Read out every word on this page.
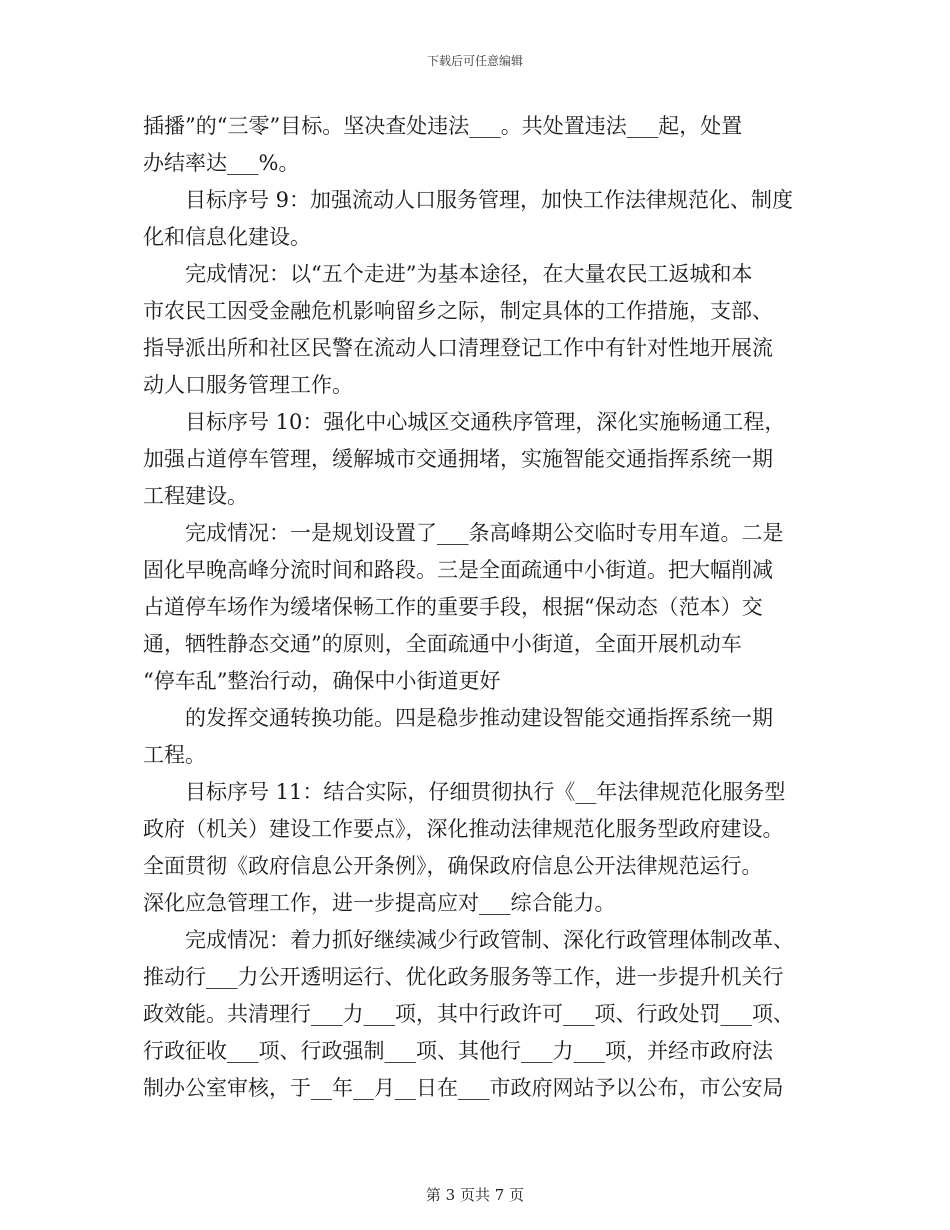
下载后可任意编辑
插播”的“三零”目标。坚决查处违法___。共处置违法___起，处置
办结率达___%。
目标序号 9：加强流动人口服务管理，加快工作法律规范化、制度
化和信息化建设。
完成情况：以“五个走进”为基本途径，在大量农民工返城和本
市农民工因受金融危机影响留乡之际，制定具体的工作措施，支部、
指导派出所和社区民警在流动人口清理登记工作中有针对性地开展流
动人口服务管理工作。
目标序号 10：强化中心城区交通秩序管理，深化实施畅通工程，
加强占道停车管理，缓解城市交通拥堵，实施智能交通指挥系统一期
工程建设。
完成情况：一是规划设置了___条高峰期公交临时专用车道。二是
固化早晚高峰分流时间和路段。三是全面疏通中小街道。把大幅削减
占道停车场作为缓堵保畅工作的重要手段，根据“保动态（范本）交
通，牺牲静态交通”的原则，全面疏通中小街道，全面开展机动车
“停车乱”整治行动，确保中小街道更好
的发挥交通转换功能。四是稳步推动建设智能交通指挥系统一期
工程。
目标序号 11：结合实际，仔细贯彻执行《__年法律规范化服务型
政府（机关）建设工作要点》，深化推动法律规范化服务型政府建设。
全面贯彻《政府信息公开条例》，确保政府信息公开法律规范运行。
深化应急管理工作，进一步提高应对___综合能力。
完成情况：着力抓好继续减少行政管制、深化行政管理体制改革、
推动行___力公开透明运行、优化政务服务等工作，进一步提升机关行
政效能。共清理行___力___项，其中行政许可___项、行政处罚___项、
行政征收___项、行政强制___项、其他行___力___项，并经市政府法
制办公室审核，于__年__月__日在___市政府网站予以公布，市公安局
第 3 页共 7 页
